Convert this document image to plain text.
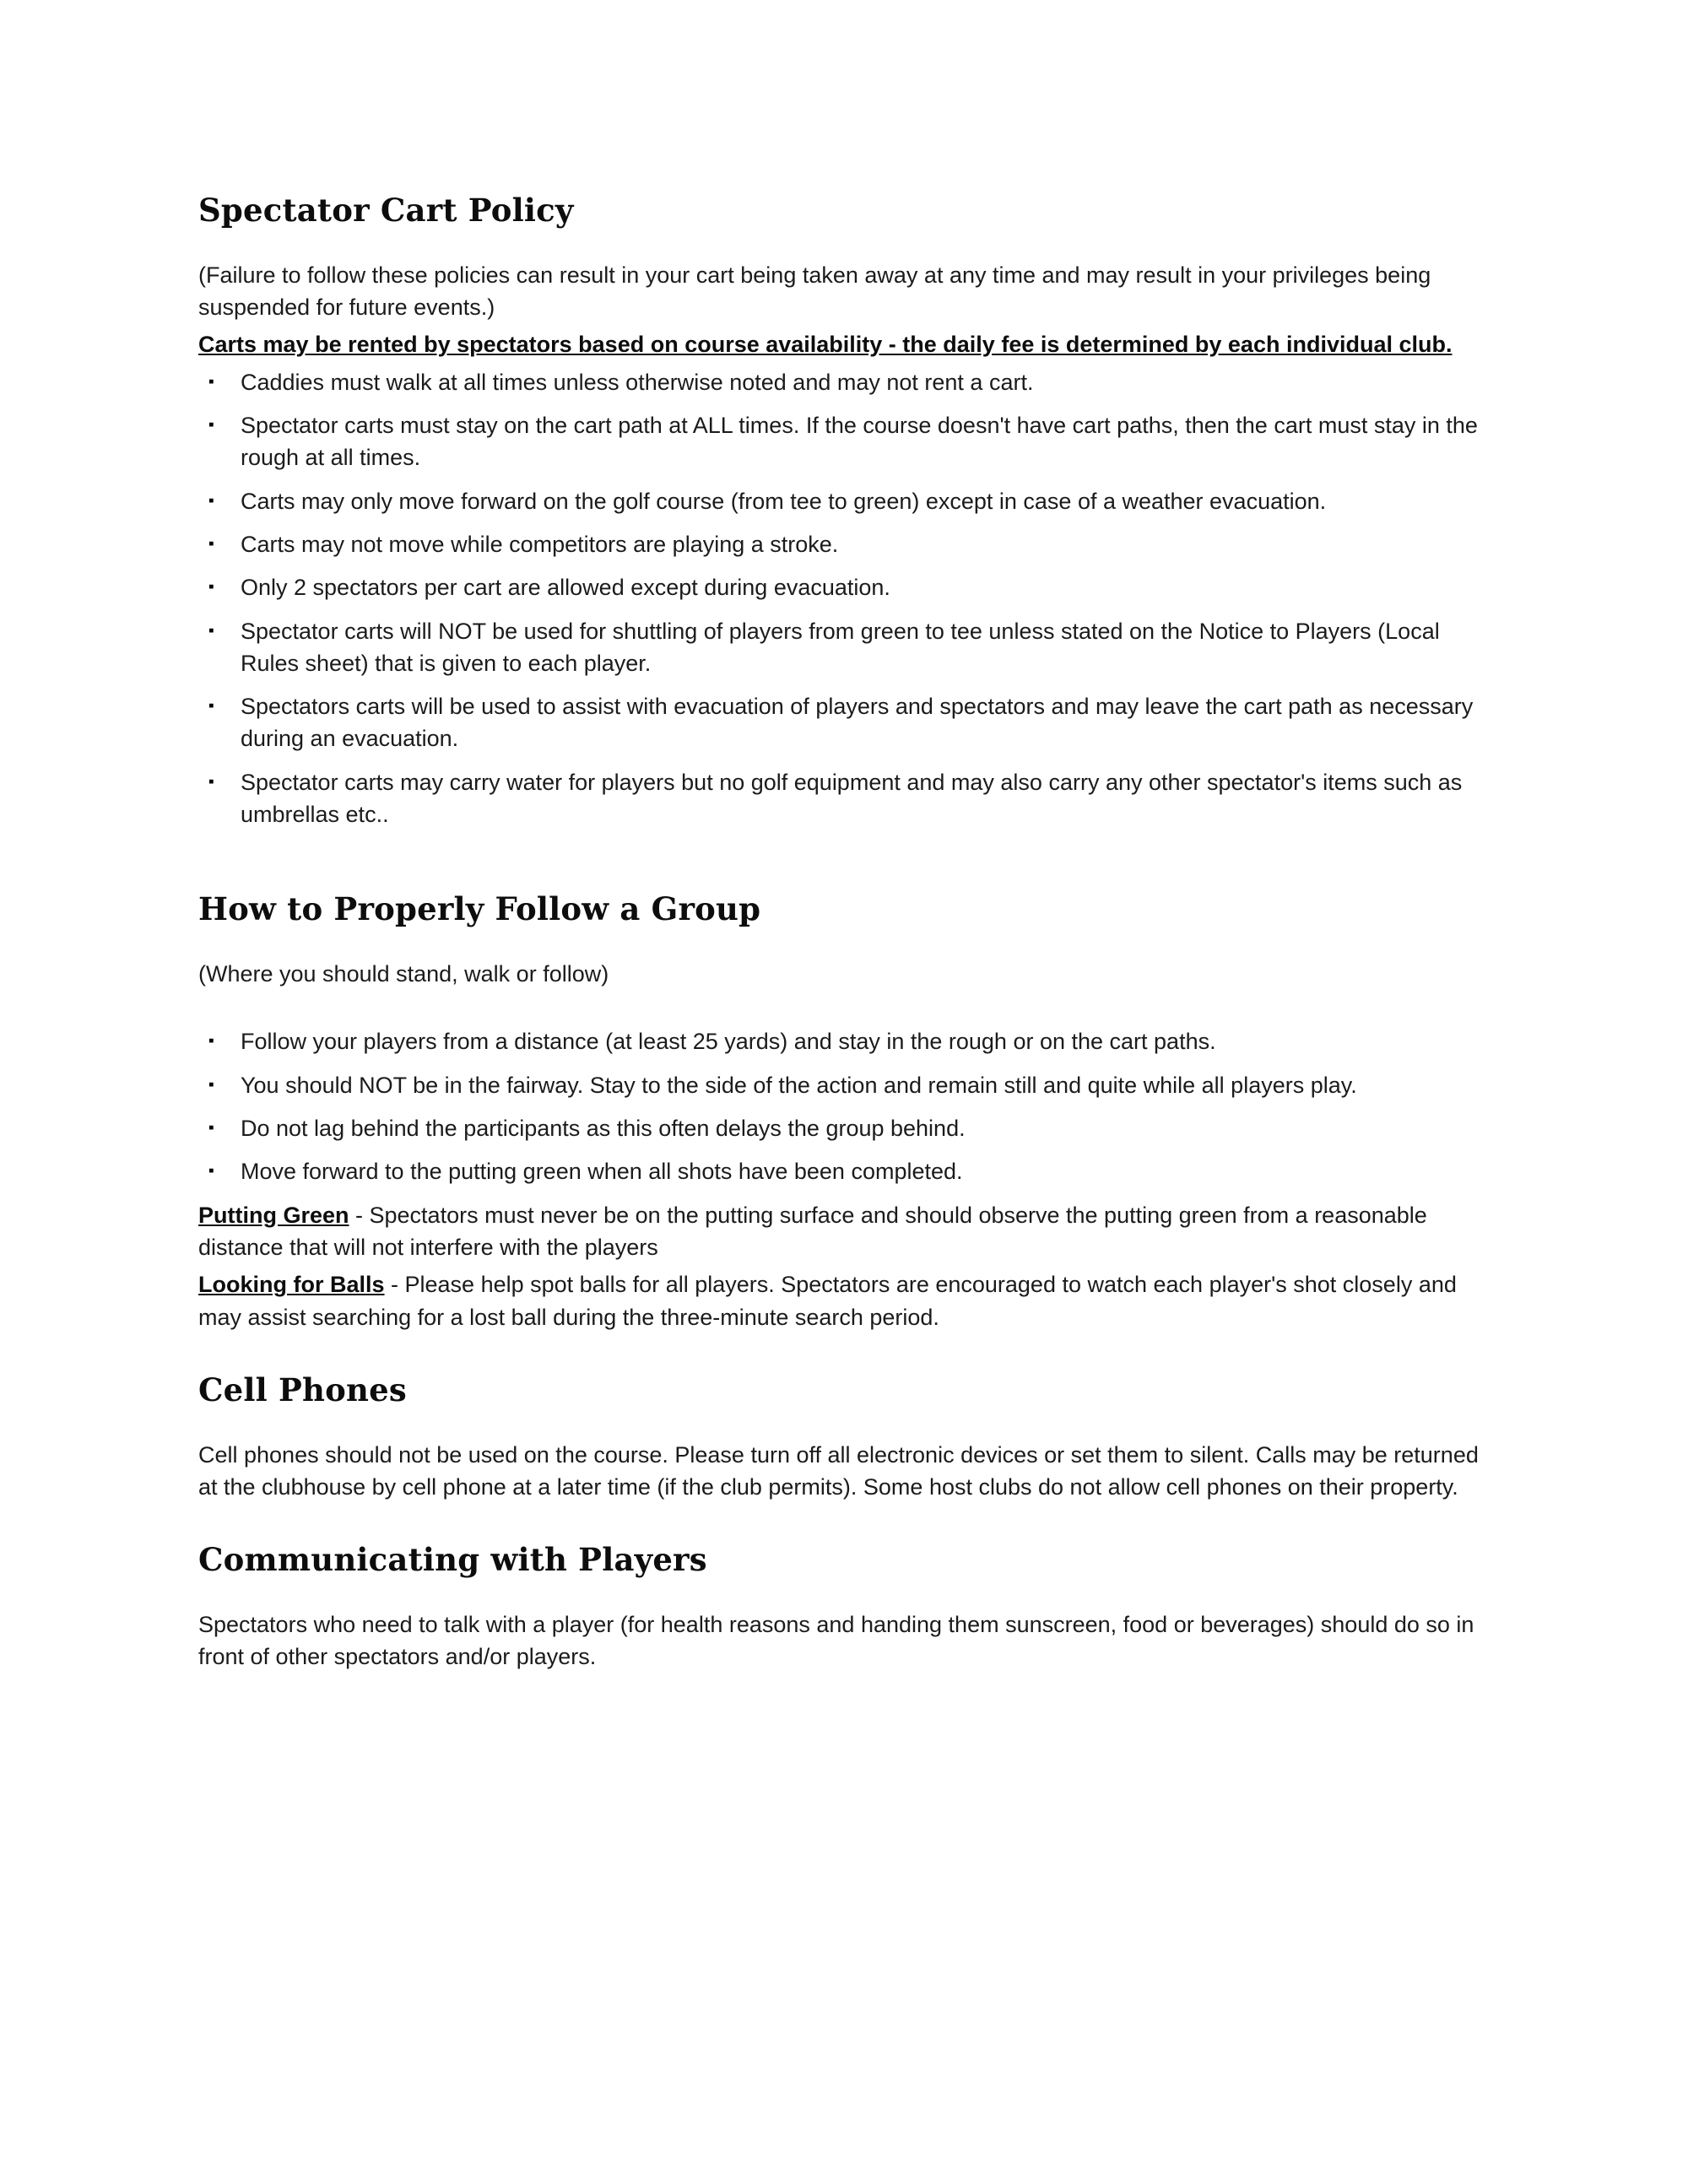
Spectator Cart Policy

(Failure to follow these policies can result in your cart being taken away at any time and may result in your privileges being suspended for future events.)

Carts may be rented by spectators based on course availability - the daily fee is determined by each individual club.

▪	Caddies must walk at all times unless otherwise noted and may not rent a cart.
▪	Spectator carts must stay on the cart path at ALL times. If the course doesn't have cart paths, then the cart must stay in the rough at all times.
▪	Carts may only move forward on the golf course (from tee to green) except in case of a weather evacuation.
▪	Carts may not move while competitors are playing a stroke.
▪	Only 2 spectators per cart are allowed except during evacuation.
▪	Spectator carts will NOT be used for shuttling of players from green to tee unless stated on the Notice to Players (Local Rules sheet) that is given to each player.
▪	Spectators carts will be used to assist with evacuation of players and spectators and may leave the cart path as necessary during an evacuation.
▪	Spectator carts may carry water for players but no golf equipment and may also carry any other spectator's items such as umbrellas etc..
How to Properly Follow a Group

(Where you should stand, walk or follow)

▪	Follow your players from a distance (at least 25 yards) and stay in the rough or on the cart paths.
▪	You should NOT be in the fairway. Stay to the side of the action and remain still and quite while all players play.
▪	Do not lag behind the participants as this often delays the group behind.
▪	Move forward to the putting green when all shots have been completed.

Putting Green - Spectators must never be on the putting surface and should observe the putting green from a reasonable distance that will not interfere with the players

Looking for Balls - Please help spot balls for all players. Spectators are encouraged to watch each player's shot closely and may assist searching for a lost ball during the three-minute search period.

Cell Phones

Cell phones should not be used on the course. Please turn off all electronic devices or set them to silent. Calls may be returned at the clubhouse by cell phone at a later time (if the club permits). Some host clubs do not allow cell phones on their property.

Communicating with Players

Spectators who need to talk with a player (for health reasons and handing them sunscreen, food or beverages) should do so in front of other spectators and/or players.
